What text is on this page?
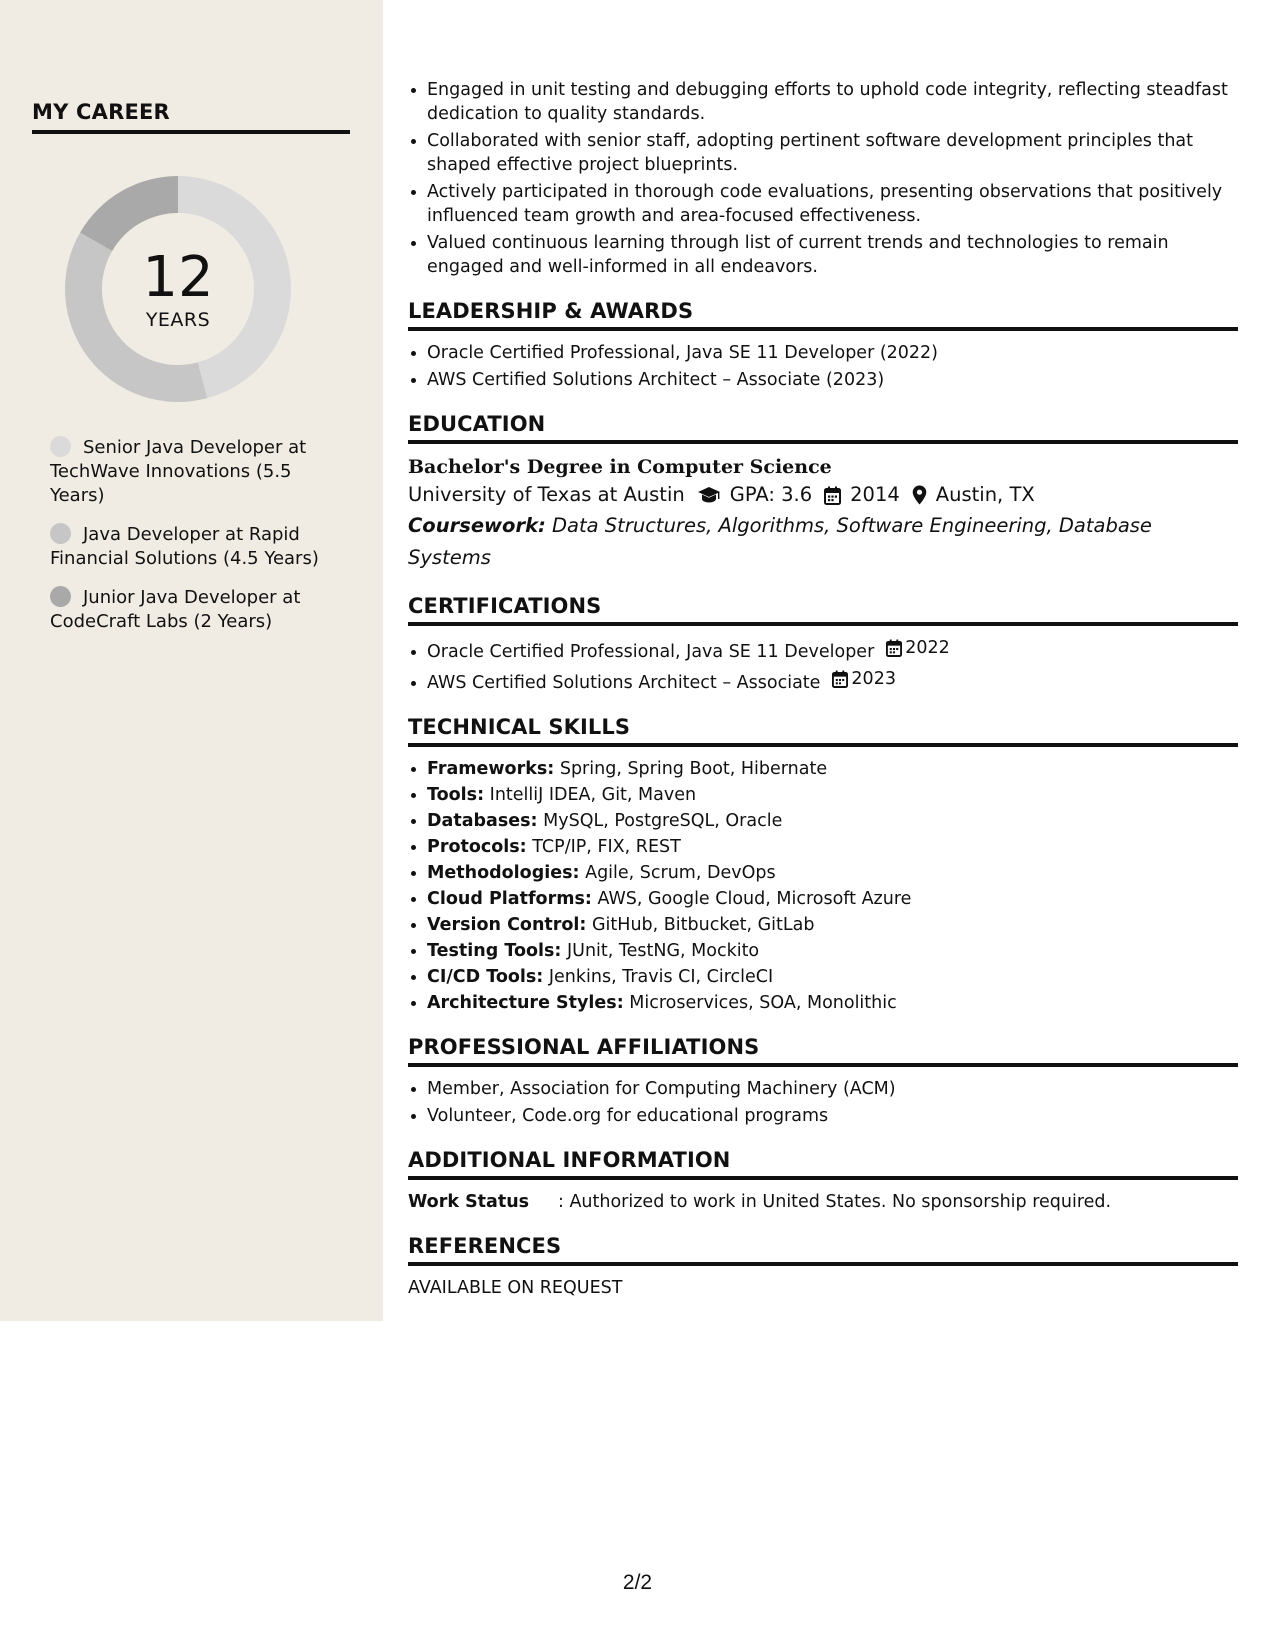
MY CAREER
12
YEARS
Senior Java Developer at TechWave Innovations (5.5 Years)
Java Developer at Rapid Financial Solutions (4.5 Years)
Junior Java Developer at CodeCraft Labs (2 Years)
• Engaged in unit testing and debugging efforts to uphold code integrity, reflecting steadfast dedication to quality standards.
• Collaborated with senior staff, adopting pertinent software development principles that shaped effective project blueprints.
• Actively participated in thorough code evaluations, presenting observations that positively influenced team growth and area-focused effectiveness.
• Valued continuous learning through list of current trends and technologies to remain engaged and well-informed in all endeavors.
LEADERSHIP & AWARDS
• Oracle Certified Professional, Java SE 11 Developer (2022)
• AWS Certified Solutions Architect – Associate (2023)
EDUCATION
Bachelor's Degree in Computer Science
University of Texas at Austin GPA: 3.6 2014 Austin, TX
Coursework: Data Structures, Algorithms, Software Engineering, Database Systems
CERTIFICATIONS
• Oracle Certified Professional, Java SE 11 Developer 2022
• AWS Certified Solutions Architect – Associate 2023
TECHNICAL SKILLS
• Frameworks: Spring, Spring Boot, Hibernate
• Tools: IntelliJ IDEA, Git, Maven
• Databases: MySQL, PostgreSQL, Oracle
• Protocols: TCP/IP, FIX, REST
• Methodologies: Agile, Scrum, DevOps
• Cloud Platforms: AWS, Google Cloud, Microsoft Azure
• Version Control: GitHub, Bitbucket, GitLab
• Testing Tools: JUnit, TestNG, Mockito
• CI/CD Tools: Jenkins, Travis CI, CircleCI
• Architecture Styles: Microservices, SOA, Monolithic
PROFESSIONAL AFFILIATIONS
• Member, Association for Computing Machinery (ACM)
• Volunteer, Code.org for educational programs
ADDITIONAL INFORMATION
Work Status	: Authorized to work in United States. No sponsorship required.
REFERENCES
AVAILABLE ON REQUEST
2/2
